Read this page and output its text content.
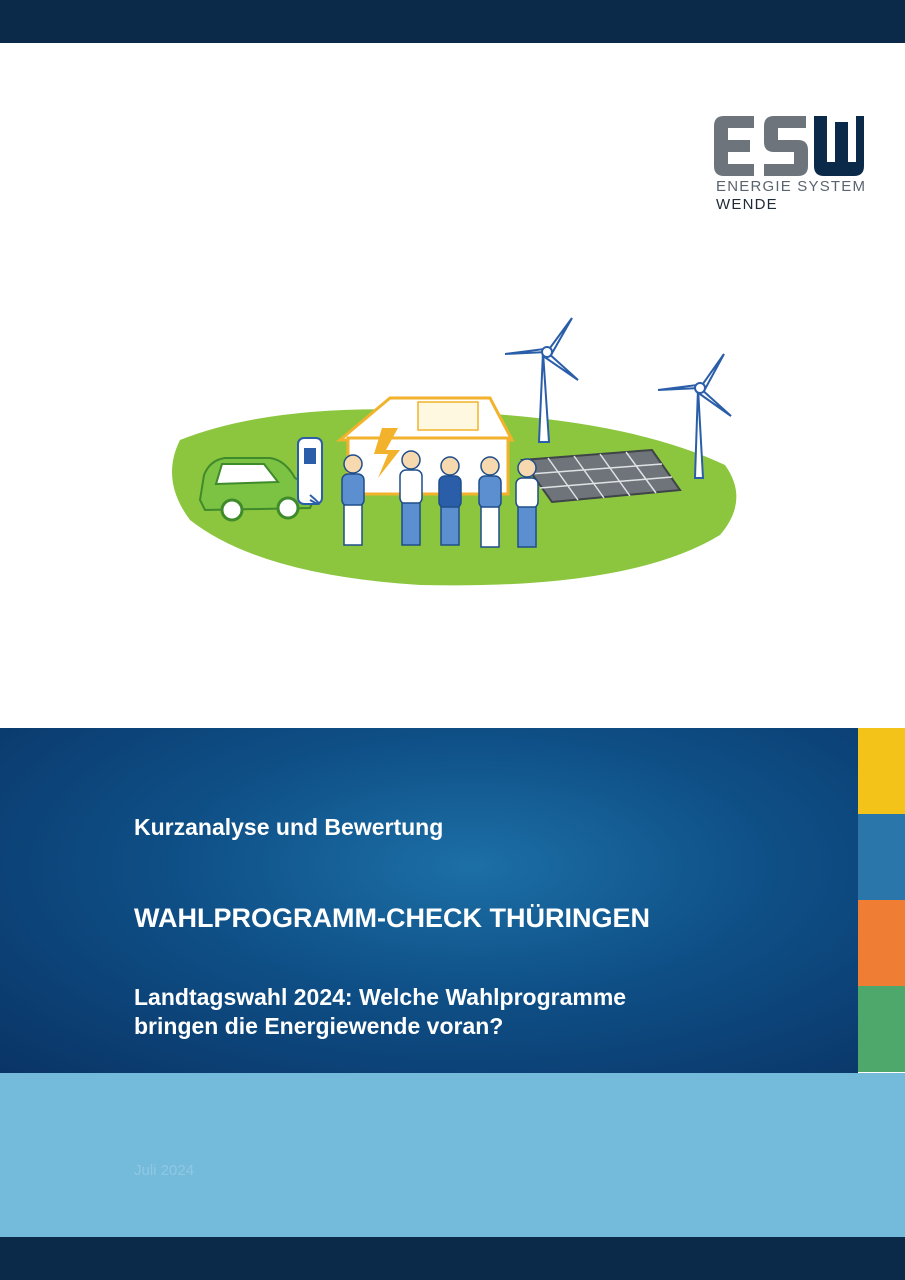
ENERGIE SYSTEM
WENDE
Kurzanalyse und Bewertung
WAHLPROGRAMM-CHECK THÜRINGEN
Landtagswahl 2024: Welche Wahlprogramme
bringen die Energiewende voran?
Juli 2024
